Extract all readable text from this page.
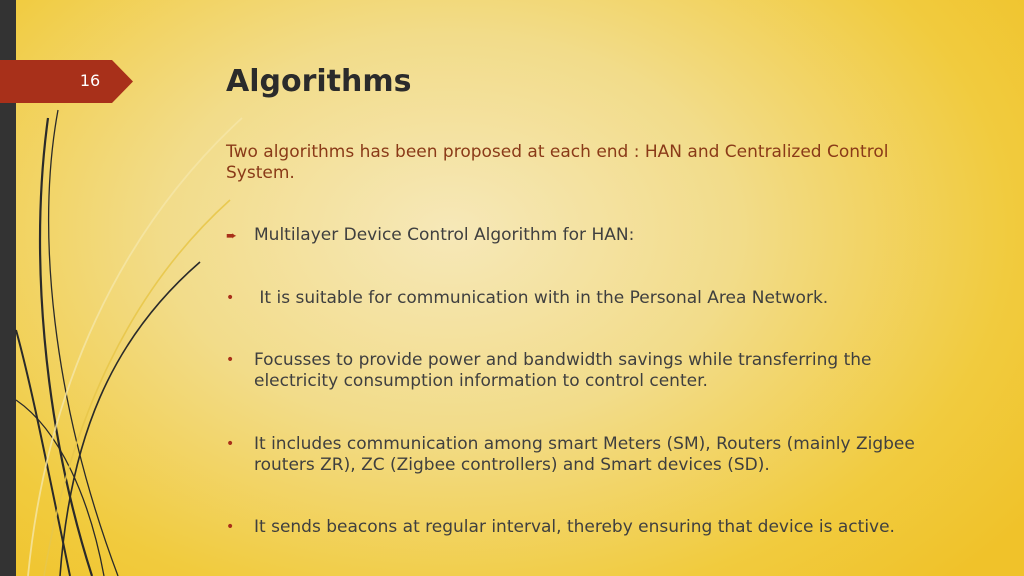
16	Algorithms

Two algorithms has been proposed at each end : HAN and Centralized Control System.

➨ Multilayer Device Control Algorithm for HAN:
• It is suitable for communication with in the Personal Area Network.
• Focusses to provide power and bandwidth savings while transferring the electricity consumption information to control center.
• It includes communication among smart Meters (SM), Routers (mainly Zigbee routers ZR), ZC (Zigbee controllers) and Smart devices (SD).
• It sends beacons at regular interval, thereby ensuring that device is active.
